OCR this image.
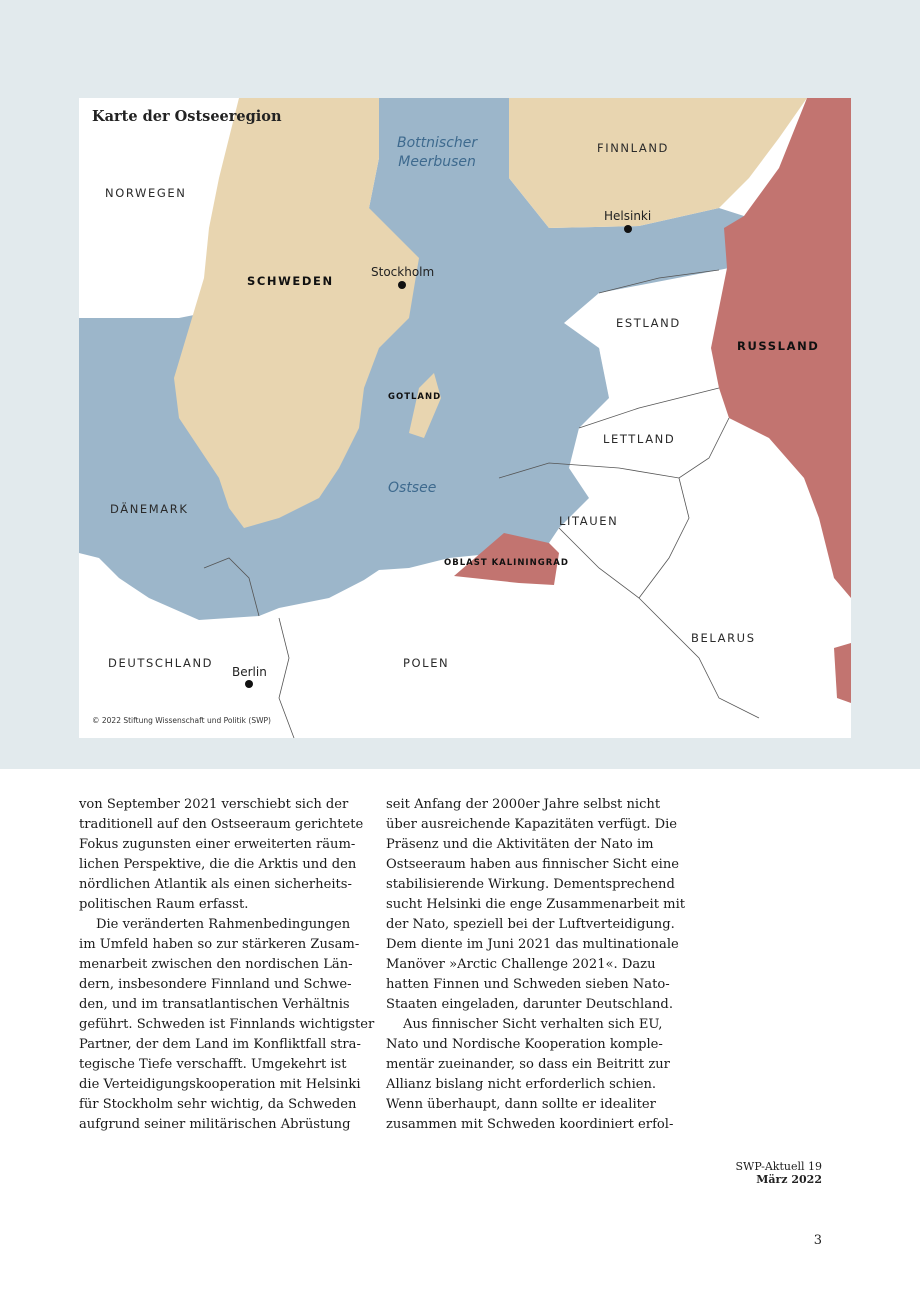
Karte der Ostseeregion
Bottnischer
Meerbusen
Ostsee
NORWEGEN
FINNLAND
SCHWEDEN
ESTLAND
RUSSLAND
GOTLAND
LETTLAND
DÄNEMARK
LITAUEN
OBLAST KALININGRAD
BELARUS
DEUTSCHLAND	POLEN
Helsinki
Stockholm
Berlin
© 2022 Stiftung Wissenschaft und Politik (SWP)

von September 2021 verschiebt sich der

traditionell auf den Ostseeraum gerichtete

Fokus zugunsten einer erweiterten räum-

lichen Perspektive, die die Arktis und den

nördlichen Atlantik als einen sicherheits-

politischen Raum erfasst.

Die veränderten Rahmenbedingungen

im Umfeld haben so zur stärkeren Zusam-

menarbeit zwischen den nordischen Län-

dern, insbesondere Finnland und Schwe-

den, und im transatlantischen Verhältnis

geführt. Schweden ist Finnlands wichtigster

Partner, der dem Land im Konfliktfall stra-

tegische Tiefe verschafft. Umgekehrt ist

die Verteidigungskooperation mit Helsinki

für Stockholm sehr wichtig, da Schweden

aufgrund seiner militärischen Abrüstung

seit Anfang der 2000er Jahre selbst nicht

über ausreichende Kapazitäten verfügt. Die

Präsenz und die Aktivitäten der Nato im

Ostseeraum haben aus finnischer Sicht eine

stabilisierende Wirkung. Dementsprechend

sucht Helsinki die enge Zusammenarbeit mit

der Nato, speziell bei der Luftverteidigung.

Dem diente im Juni 2021 das multinationale

Manöver »Arctic Challenge 2021«. Dazu

hatten Finnen und Schweden sieben Nato-

Staaten eingeladen, darunter Deutschland.

Aus finnischer Sicht verhalten sich EU,

Nato und Nordische Kooperation komple-

mentär zueinander, so dass ein Beitritt zur

Allianz bislang nicht erforderlich schien.

Wenn überhaupt, dann sollte er idealiter

zusammen mit Schweden koordiniert erfol-

SWP-Aktuell 19
März 2022
3
